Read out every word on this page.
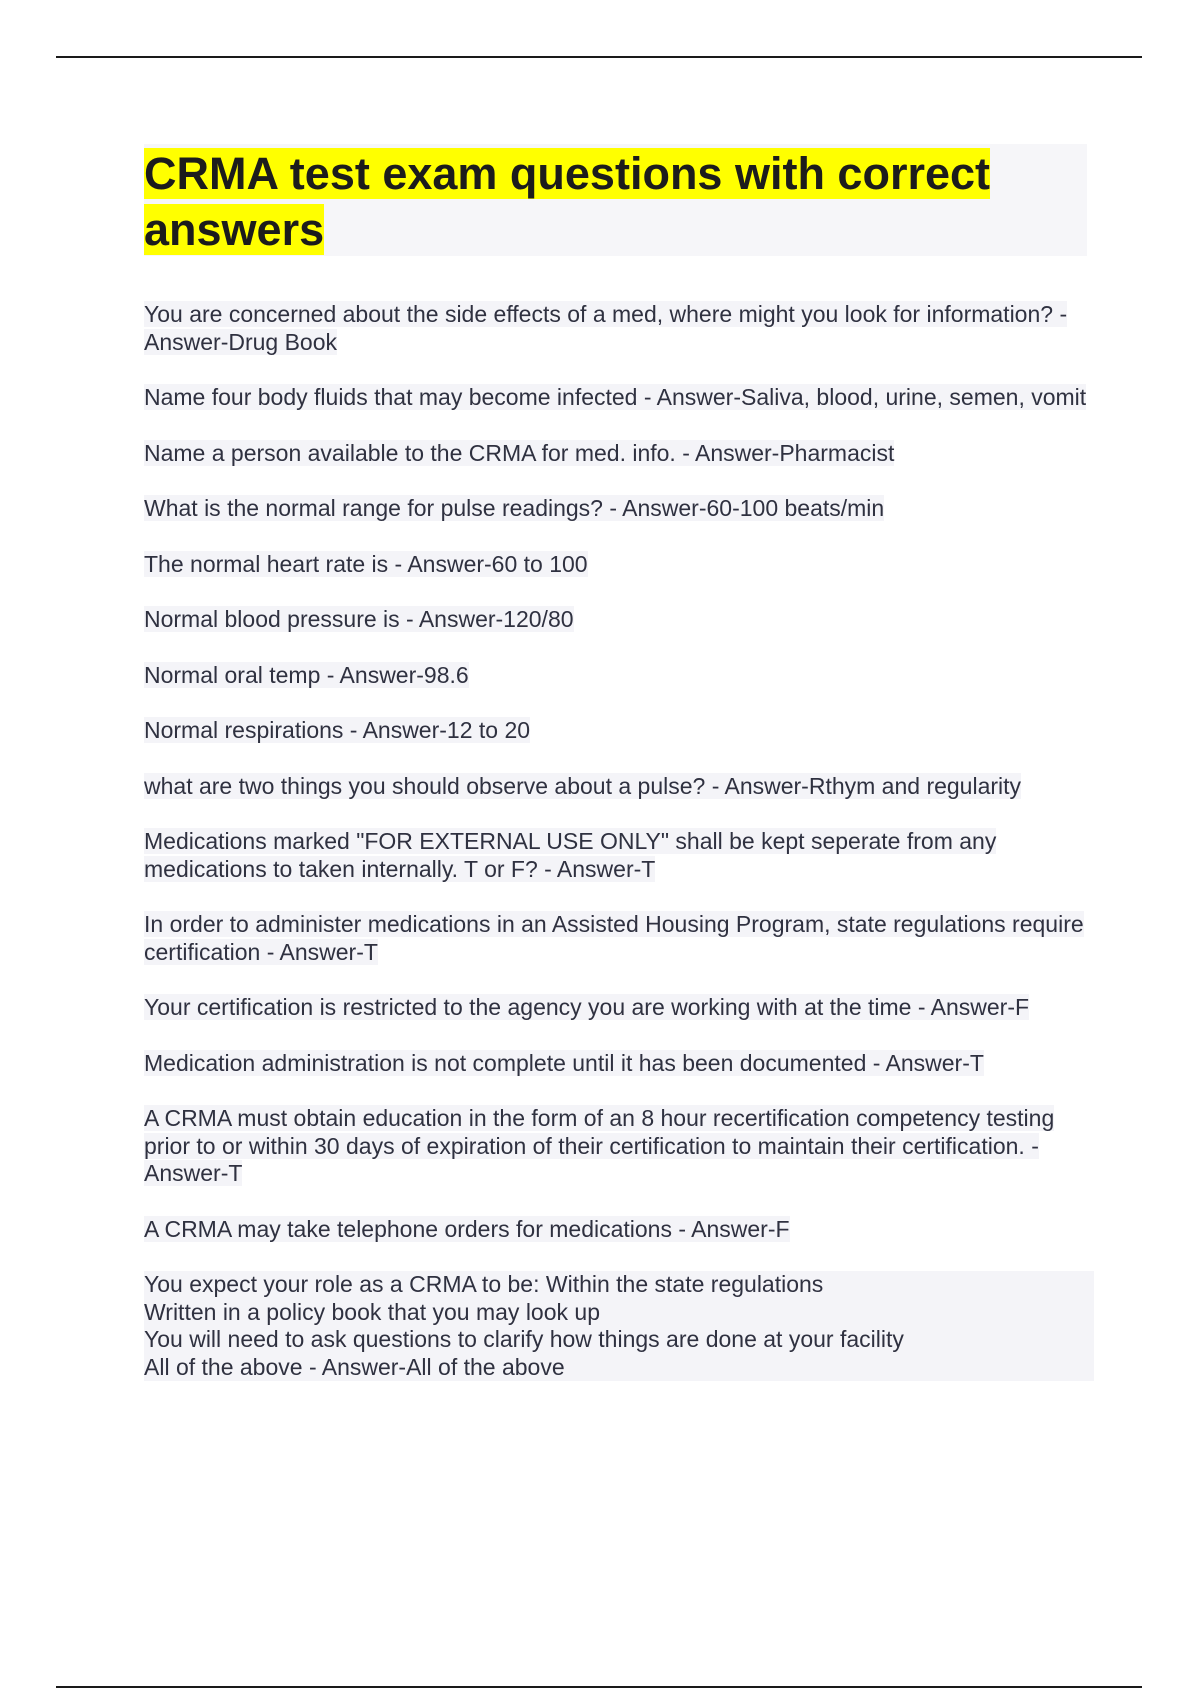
CRMA test exam questions with correct answers
You are concerned about the side effects of a med, where might you look for information? - Answer-Drug Book
Name four body fluids that may become infected - Answer-Saliva, blood, urine, semen, vomit
Name a person available to the CRMA for med. info. - Answer-Pharmacist
What is the normal range for pulse readings? - Answer-60-100 beats/min
The normal heart rate is - Answer-60 to 100
Normal blood pressure is - Answer-120/80
Normal oral temp - Answer-98.6
Normal respirations - Answer-12 to 20
what are two things you should observe about a pulse? - Answer-Rthym and regularity
Medications marked "FOR EXTERNAL USE ONLY" shall be kept seperate from any medications to taken internally. T or F? - Answer-T
In order to administer medications in an Assisted Housing Program, state regulations require certification - Answer-T
Your certification is restricted to the agency you are working with at the time - Answer-F
Medication administration is not complete until it has been documented - Answer-T
A CRMA must obtain education in the form of an 8 hour recertification competency testing prior to or within 30 days of expiration of their certification to maintain their certification. - Answer-T
A CRMA may take telephone orders for medications - Answer-F
You expect your role as a CRMA to be: Within the state regulations
Written in a policy book that you may look up
You will need to ask questions to clarify how things are done at your facility
All of the above - Answer-All of the above
